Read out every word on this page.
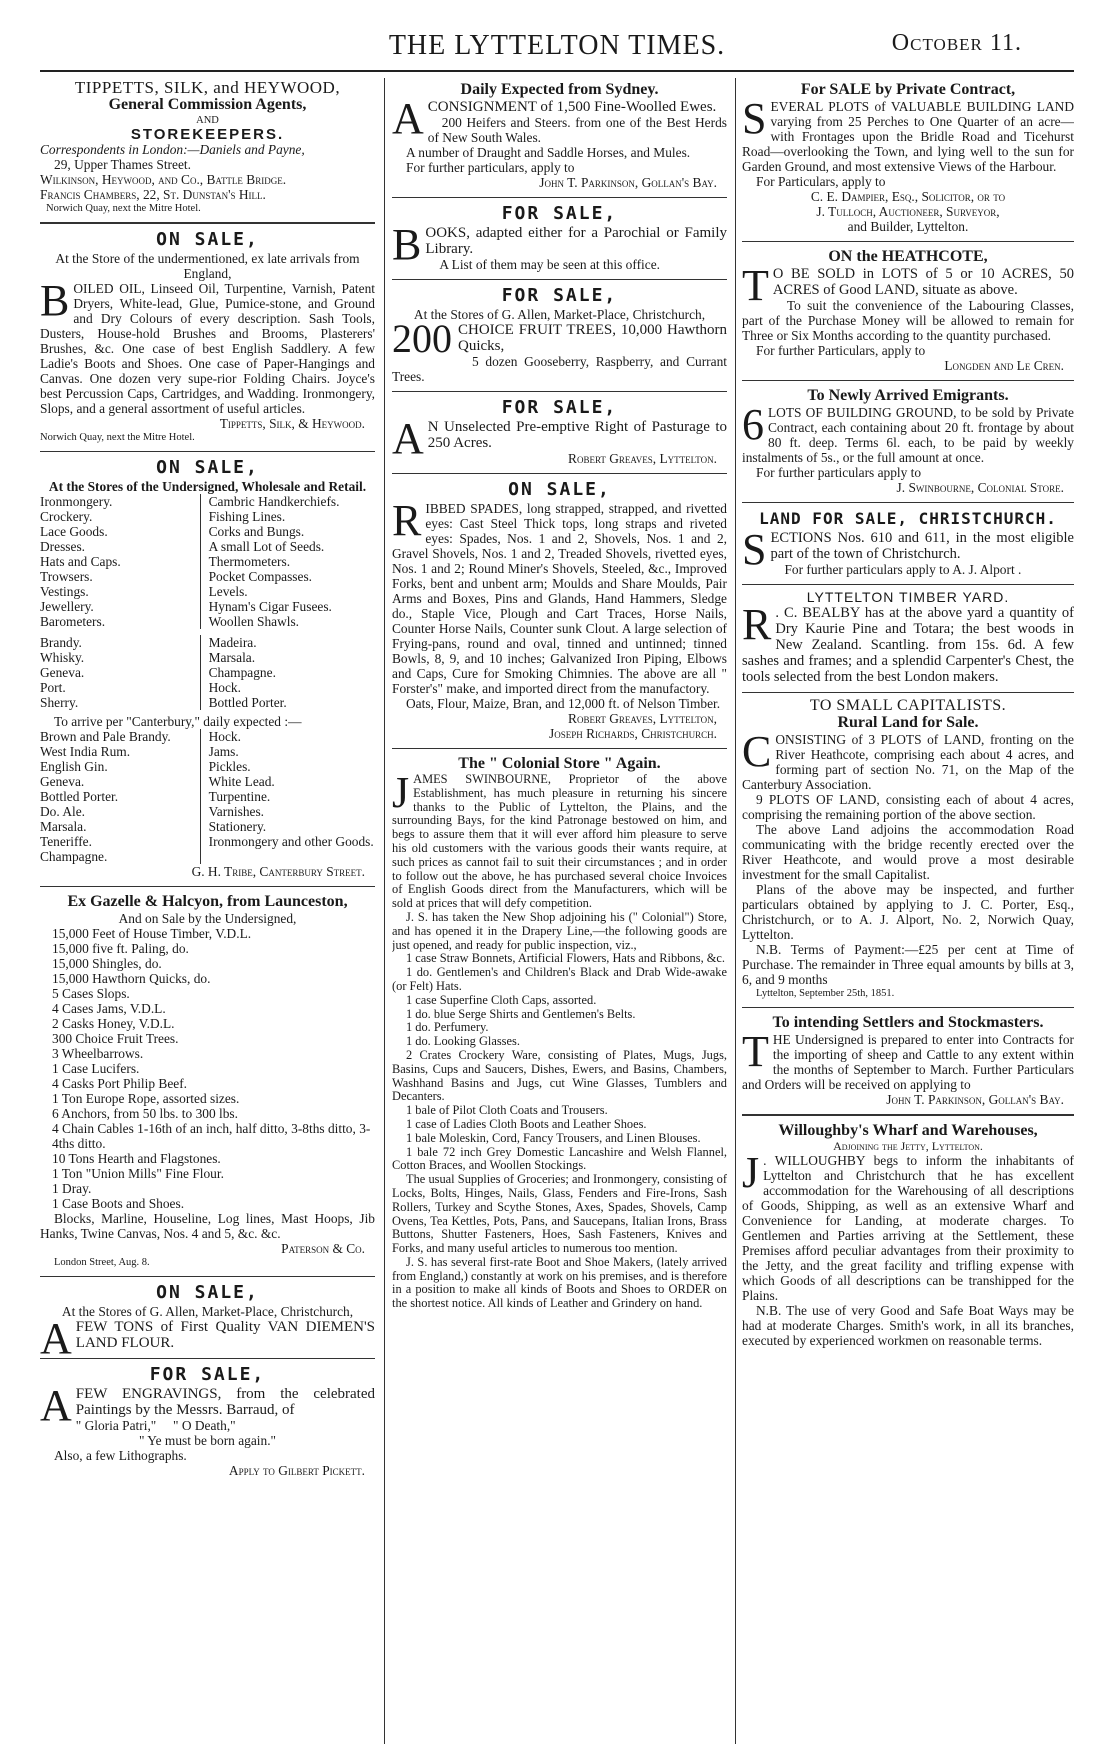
THE LYTTELTON TIMES.	October 11.
TIPPETTS, SILK, and HEYWOOD,
General Commission Agents,
AND
STOREKEEPERS.
Correspondents in London:—Daniels and Payne,
29, Upper Thames Street.
Wilkinson, Heywood, and Co., Battle Bridge.
Francis Chambers, 22, St. Dunstan's Hill.
Norwich Quay, next the Mitre Hotel.
ON SALE,
At the Store of the undermentioned, ex late arrivals from England,
BOILED OIL, Linseed Oil, Turpentine, Varnish, Patent Dryers, White-lead, Glue, Pumice-stone, and Ground and Dry Colours of every description. Sash Tools, Dusters, House-hold Brushes and Brooms, Plasterers' Brushes, &c. One case of best English Saddlery. A few Ladie's Boots and Shoes. One case of Paper-Hangings and Canvas. One dozen very supe-rior Folding Chairs. Joyce's best Percussion Caps, Cartridges, and Wadding. Ironmongery, Slops, and a general assortment of useful articles.
Tippetts, Silk, & Heywood.
Norwich Quay, next the Mitre Hotel.
ON SALE,
At the Stores of the Undersigned, Wholesale and Retail.
Ironmongery.
Crockery.
Lace Goods.
Dresses.
Hats and Caps.
Trowsers.
Vestings.
Jewellery.
Barometers.
Cambric Handkerchiefs.
Fishing Lines.
Corks and Bungs.
A small Lot of Seeds.
Thermometers.
Pocket Compasses.
Levels.
Hynam's Cigar Fusees.
Woollen Shawls.
Brandy.
Whisky.
Geneva.
Port.
Sherry.
Madeira.
Marsala.
Champagne.
Hock.
Bottled Porter.
To arrive per "Canterbury," daily expected :—
Brown and Pale Brandy.
West India Rum.
English Gin.
Geneva.
Bottled Porter.
Do. Ale.
Marsala.
Teneriffe.
Champagne.
Hock.
Jams.
Pickles.
White Lead.
Turpentine.
Varnishes.
Stationery.
Ironmongery and other Goods.
G. H. Tribe, Canterbury Street.
Ex Gazelle & Halcyon, from Launceston,
And on Sale by the Undersigned,
15,000 Feet of House Timber, V.D.L.
15,000 five ft. Paling, do.
15,000 Shingles, do.
15,000 Hawthorn Quicks, do.
5 Cases Slops.
4 Cases Jams, V.D.L.
2 Casks Honey, V.D.L.
300 Choice Fruit Trees.
3 Wheelbarrows.
1 Case Lucifers.
4 Casks Port Philip Beef.
1 Ton Europe Rope, assorted sizes.
6 Anchors, from 50 lbs. to 300 lbs.
4 Chain Cables 1-16th of an inch, half ditto, 3-8ths ditto, 3-4ths ditto.
10 Tons Hearth and Flagstones.
1 Ton "Union Mills" Fine Flour.
1 Dray.
1 Case Boots and Shoes.
Blocks, Marline, Houseline, Log lines, Mast Hoops, Jib Hanks, Twine Canvas, Nos. 4 and 5, &c. &c.
Paterson & Co.
London Street, Aug. 8.
ON SALE,
At the Stores of G. Allen, Market-Place, Christchurch,
AFEW TONS of First Quality VAN DIEMEN'S LAND FLOUR.
FOR SALE,
AFEW ENGRAVINGS, from the celebrated Paintings by the Messrs. Barraud, of
" Gloria Patri," " O Death,"
" Ye must be born again."
Also, a few Lithographs.
Apply to Gilbert Pickett.
Daily Expected from Sydney.
ACONSIGNMENT of 1,500 Fine-Woolled Ewes.
200 Heifers and Steers. from one of the Best Herds of New South Wales.
A number of Draught and Saddle Horses, and Mules.
For further particulars, apply to
John T. Parkinson, Gollan's Bay.
FOR SALE,
BOOKS, adapted either for a Parochial or Family Library.
A List of them may be seen at this office.
FOR SALE,
At the Stores of G. Allen, Market-Place, Christchurch,
200 CHOICE FRUIT TREES, 10,000 Hawthorn Quicks,
5 dozen Gooseberry, Raspberry, and Currant Trees.
FOR SALE,
A N Unselected Pre-emptive Right of Pasturage to 250 Acres.
Robert Greaves, Lyttelton.
ON SALE,
RIBBED SPADES, long strapped, strapped, and rivetted eyes: Cast Steel Thick tops, long straps and riveted eyes: Spades, Nos. 1 and 2, Shovels, Nos. 1 and 2, Gravel Shovels, Nos. 1 and 2, Treaded Shovels, rivetted eyes, Nos. 1 and 2; Round Miner's Shovels, Steeled, &c., Improved Forks, bent and unbent arm; Moulds and Share Moulds, Pair Arms and Boxes, Pins and Glands, Hand Hammers, Sledge do., Staple Vice, Plough and Cart Traces, Horse Nails, Counter Horse Nails, Counter sunk Clout. A large selection of Frying-pans, round and oval, tinned and untinned; tinned Bowls, 8, 9, and 10 inches; Galvanized Iron Piping, Elbows and Caps, Cure for Smoking Chimnies. The above are all " Forster's" make, and imported direct from the manufactory.
Oats, Flour, Maize, Bran, and 12,000 ft. of Nelson Timber.
Robert Greaves, Lyttelton,
Joseph Richards, Christchurch.
The " Colonial Store " Again.
JAMES SWINBOURNE, Proprietor of the above Establishment, has much pleasure in returning his sincere thanks to the Public of Lyttelton, the Plains, and the surrounding Bays, for the kind Patronage bestowed on him, and begs to assure them that it will ever afford him pleasure to serve his old customers with the various goods their wants require, at such prices as cannot fail to suit their circumstances ; and in order to follow out the above, he has purchased several choice Invoices of English Goods direct from the Manufacturers, which will be sold at prices that will defy competition.
J. S. has taken the New Shop adjoining his (" Colonial") Store, and has opened it in the Drapery Line,—the following goods are just opened, and ready for public inspection, viz.,
1 case Straw Bonnets, Artificial Flowers, Hats and Ribbons, &c.
1 do. Gentlemen's and Children's Black and Drab Wide-awake (or Felt) Hats.
1 case Superfine Cloth Caps, assorted.
1 do. blue Serge Shirts and Gentlemen's Belts.
1 do. Perfumery.
1 do. Looking Glasses.
2 Crates Crockery Ware, consisting of Plates, Mugs, Jugs, Basins, Cups and Saucers, Dishes, Ewers, and Basins, Chambers, Washhand Basins and Jugs, cut Wine Glasses, Tumblers and Decanters.
1 bale of Pilot Cloth Coats and Trousers.
1 case of Ladies Cloth Boots and Leather Shoes.
1 bale Moleskin, Cord, Fancy Trousers, and Linen Blouses.
1 bale 72 inch Grey Domestic Lancashire and Welsh Flannel, Cotton Braces, and Woollen Stockings.
The usual Supplies of Groceries; and Ironmongery, consisting of Locks, Bolts, Hinges, Nails, Glass, Fenders and Fire-Irons, Sash Rollers, Turkey and Scythe Stones, Axes, Spades, Shovels, Camp Ovens, Tea Kettles, Pots, Pans, and Saucepans, Italian Irons, Brass Buttons, Shutter Fasteners, Hoes, Sash Fasteners, Knives and Forks, and many useful articles to numerous too mention.
J. S. has several first-rate Boot and Shoe Makers, (lately arrived from England,) constantly at work on his premises, and is therefore in a position to make all kinds of Boots and Shoes to ORDER on the shortest notice. All kinds of Leather and Grindery on hand.
For SALE by Private Contract,
SEVERAL PLOTS of VALUABLE BUILDING LAND varying from 25 Perches to One Quarter of an acre—with Frontages upon the Bridle Road and Ticehurst Road—overlooking the Town, and lying well to the sun for Garden Ground, and most extensive Views of the Harbour.
For Particulars, apply to
C. E. Dampier, Esq., Solicitor, or to
J. Tulloch, Auctioneer, Surveyor,
and Builder, Lyttelton.
ON the HEATHCOTE,
T O BE SOLD in LOTS of 5 or 10 ACRES, 50 ACRES of Good LAND, situate as above.
To suit the convenience of the Labouring Classes, part of the Purchase Money will be allowed to remain for Three or Six Months according to the quantity purchased.
For further Particulars, apply to
Longden and Le Cren.
To Newly Arrived Emigrants.
6 LOTS OF BUILDING GROUND, to be sold by Private Contract, each containing about 20 ft. frontage by about 80 ft. deep. Terms 6l. each, to be paid by weekly instalments of 5s., or the full amount at once.
For further particulars apply to
J. Swinbourne, Colonial Store.
LAND FOR SALE, CHRISTCHURCH.
SECTIONS Nos. 610 and 611, in the most eligible part of the town of Christchurch.
For further particulars apply to A. J. Alport .
LYTTELTON TIMBER YARD.
R . C. BEALBY has at the above yard a quantity of Dry Kaurie Pine and Totara; the best woods in New Zealand. Scantling. from 15s. 6d. A few sashes and frames; and a splendid Carpenter's Chest, the tools selected from the best London makers.
TO SMALL CAPITALISTS.
Rural Land for Sale.
CONSISTING of 3 PLOTS of LAND, fronting on the River Heathcote, comprising each about 4 acres, and forming part of section No. 71, on the Map of the Canterbury Association.
9 PLOTS OF LAND, consisting each of about 4 acres, comprising the remaining portion of the above section.
The above Land adjoins the accommodation Road communicating with the bridge recently erected over the River Heathcote, and would prove a most desirable investment for the small Capitalist.
Plans of the above may be inspected, and further particulars obtained by applying to J. C. Porter, Esq., Christchurch, or to A. J. Alport, No. 2, Norwich Quay, Lyttelton.
N.B. Terms of Payment:—£25 per cent at Time of Purchase. The remainder in Three equal amounts by bills at 3, 6, and 9 months
Lyttelton, September 25th, 1851.
To intending Settlers and Stockmasters.
THE Undersigned is prepared to enter into Contracts for the importing of sheep and Cattle to any extent within the months of September to March. Further Particulars and Orders will be received on applying to
John T. Parkinson, Gollan's Bay.
Willoughby's Wharf and Warehouses,
Adjoining the Jetty, Lyttelton.
J . WILLOUGHBY begs to inform the inhabitants of Lyttelton and Christchurch that he has excellent accommodation for the Warehousing of all descriptions of Goods, Shipping, as well as an extensive Wharf and Convenience for Landing, at moderate charges. To Gentlemen and Parties arriving at the Settlement, these Premises afford peculiar advantages from their proximity to the Jetty, and the great facility and trifling expense with which Goods of all descriptions can be transhipped for the Plains.
N.B. The use of very Good and Safe Boat Ways may be had at moderate Charges. Smith's work, in all its branches, executed by experienced workmen on reasonable terms.
